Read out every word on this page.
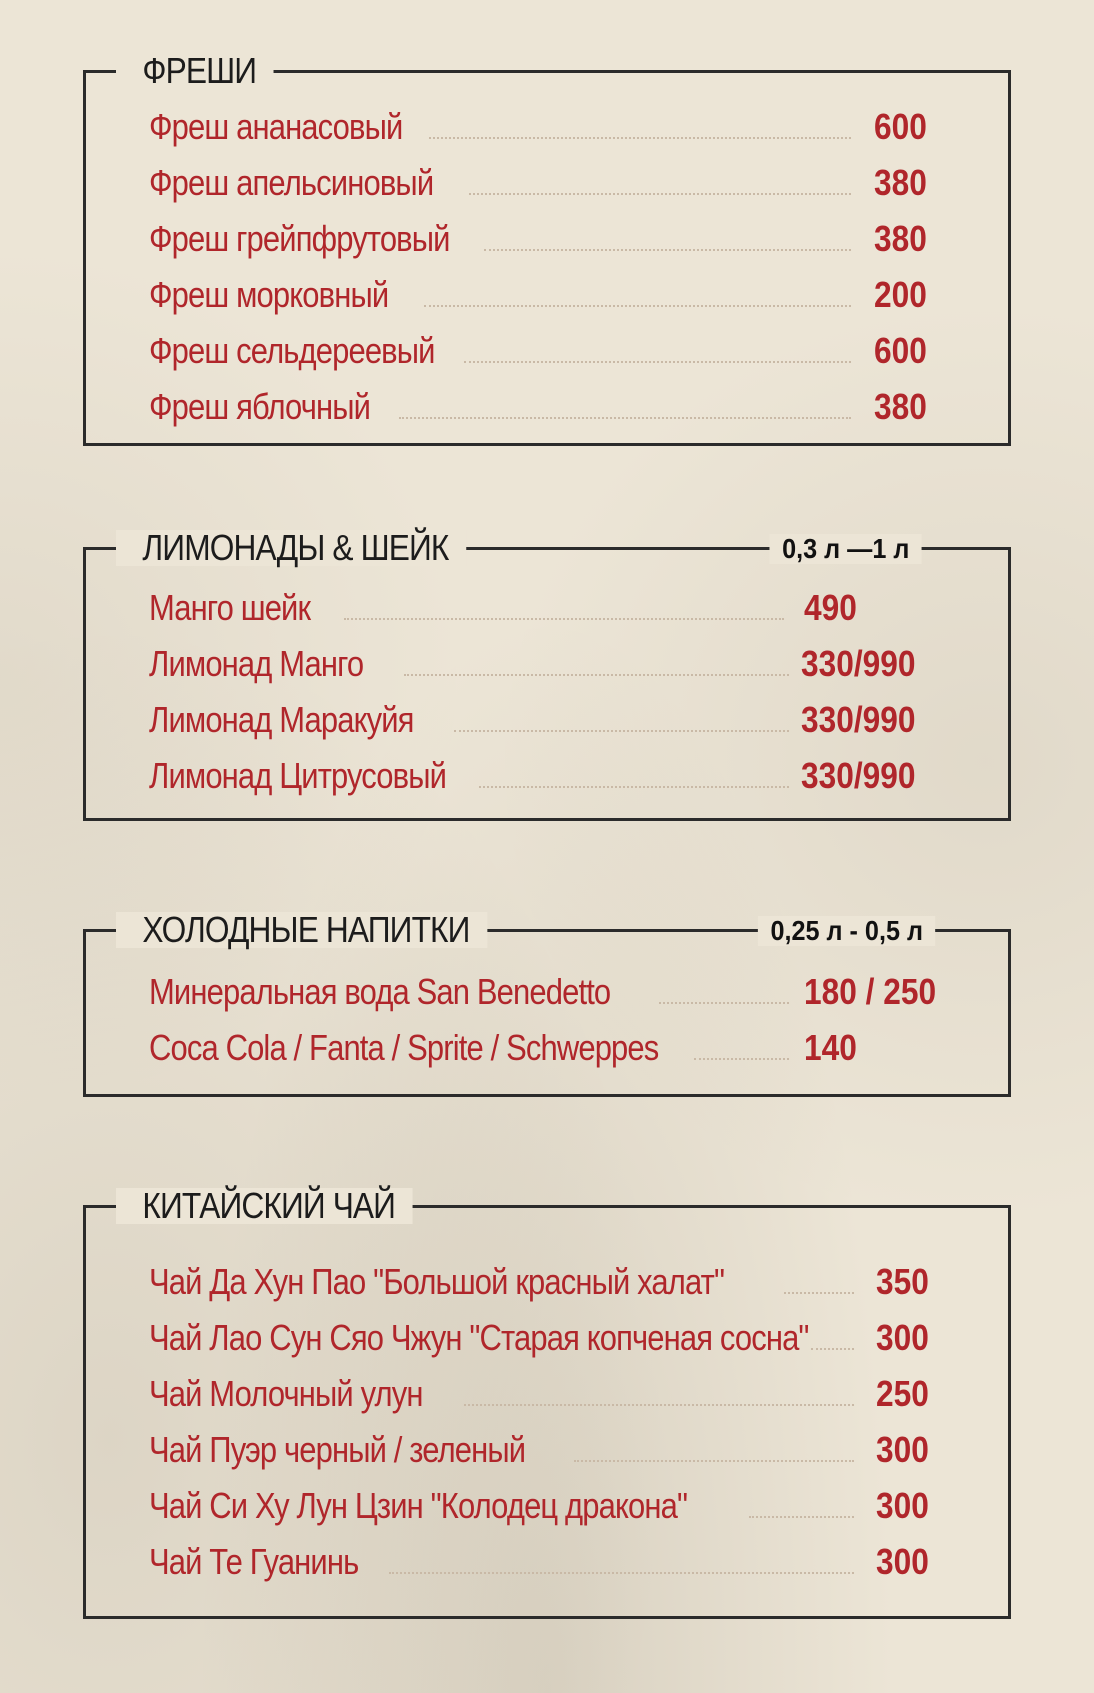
ФРЕШИ
Фреш ананасовый	600
Фреш апельсиновый	380
Фреш грейпфрутовый	380
Фреш морковный	200
Фреш сельдерeевый	600
Фреш яблочный	380
ЛИМОНАДЫ & ШЕЙК	0,3 л —1 л
Манго шейк	490
Лимонад Манго	330/990
Лимонад Маракуйя	330/990
Лимонад Цитрусовый	330/990
ХОЛОДНЫЕ НАПИТКИ	0,25 л - 0,5 л
Минеральная вода San Benedetto	180 / 250
Coca Cola / Fanta / Sprite / Schweppes	140
КИТАЙСКИЙ ЧАЙ
Чай Да Хун Пао "Большой красный халат"	350
Чай Лао Сун Сяо Чжун "Старая копченая сосна" 300
Чай Молочный улун	250
Чай Пуэр черный / зеленый	300
Чай Си Ху Лун Цзин "Колодец дракона"	300
Чай Те Гуанинь	300
